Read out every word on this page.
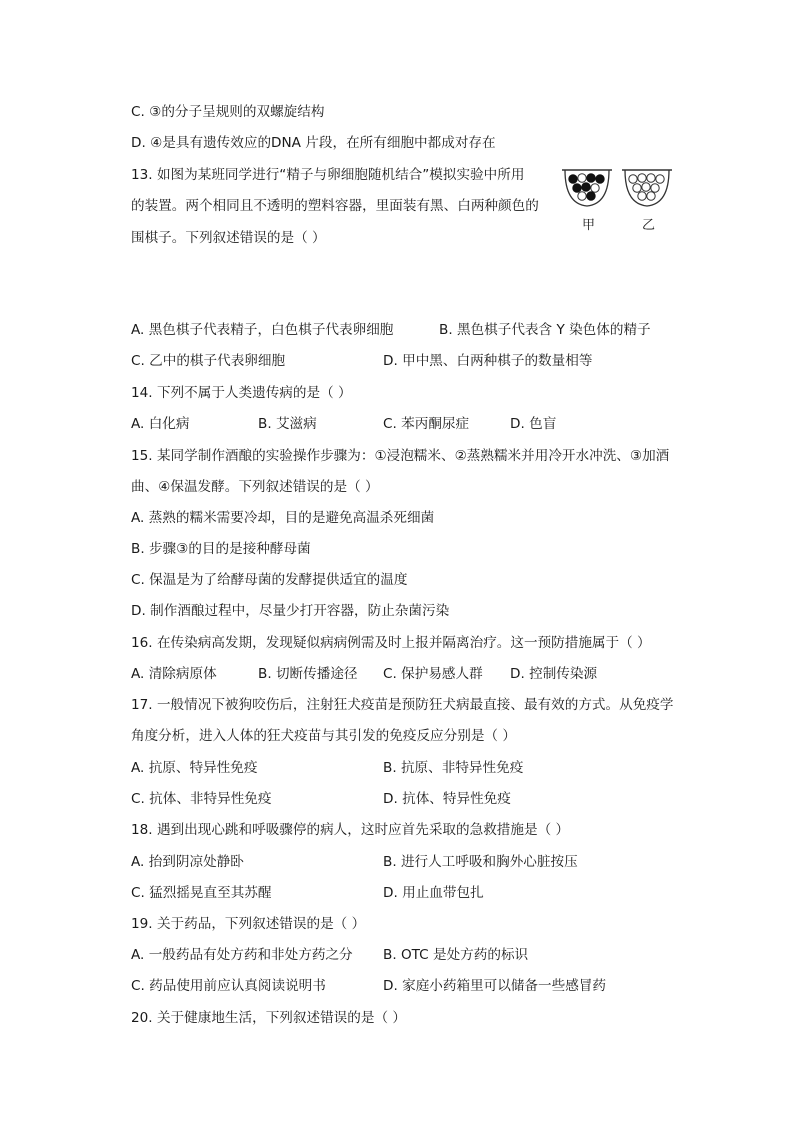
C. ③的分子呈规则的双螺旋结构
D. ④是具有遗传效应的DNA 片段，在所有细胞中都成对存在
13. 如图为某班同学进行“精子与卵细胞随机结合”模拟实验中所用
的装置。两个相同且不透明的塑料容器，里面装有黑、白两种颜色的
围棋子。下列叙述错误的是（ ）
甲	乙
A. 黑色棋子代表精子，白色棋子代表卵细胞	B. 黑色棋子代表含 Y 染色体的精子
C. 乙中的棋子代表卵细胞	D. 甲中黑、白两种棋子的数量相等
14. 下列不属于人类遗传病的是（ ）
A. 白化病	B. 艾滋病	C. 苯丙酮尿症	D. 色盲
15. 某同学制作酒酿的实验操作步骤为：①浸泡糯米、②蒸熟糯米并用冷开水冲洗、③加酒
曲、④保温发酵。下列叙述错误的是（ ）
A. 蒸熟的糯米需要冷却，目的是避免高温杀死细菌
B. 步骤③的目的是接种酵母菌
C. 保温是为了给酵母菌的发酵提供适宜的温度
D. 制作酒酿过程中，尽量少打开容器，防止杂菌污染
16. 在传染病高发期，发现疑似病病例需及时上报并隔离治疗。这一预防措施属于（ ）
A. 清除病原体	B. 切断传播途径 C. 保护易感人群 D. 控制传染源
17. 一般情况下被狗咬伤后，注射狂犬疫苗是预防狂犬病最直接、最有效的方式。从免疫学
角度分析，进入人体的狂犬疫苗与其引发的免疫反应分别是（ ）
A. 抗原、特异性免疫	B. 抗原、非特异性免疫
C. 抗体、非特异性免疫	D. 抗体、特异性免疫
18. 遇到出现心跳和呼吸骤停的病人，这时应首先采取的急救措施是（ ）
A. 抬到阴凉处静卧	B. 进行人工呼吸和胸外心脏按压
C. 猛烈摇晃直至其苏醒	D. 用止血带包扎
19. 关于药品，下列叙述错误的是（ ）
A. 一般药品有处方药和非处方药之分 B. OTC 是处方药的标识
C. 药品使用前应认真阅读说明书	D. 家庭小药箱里可以储备一些感冒药
20. 关于健康地生活，下列叙述错误的是（ ）
